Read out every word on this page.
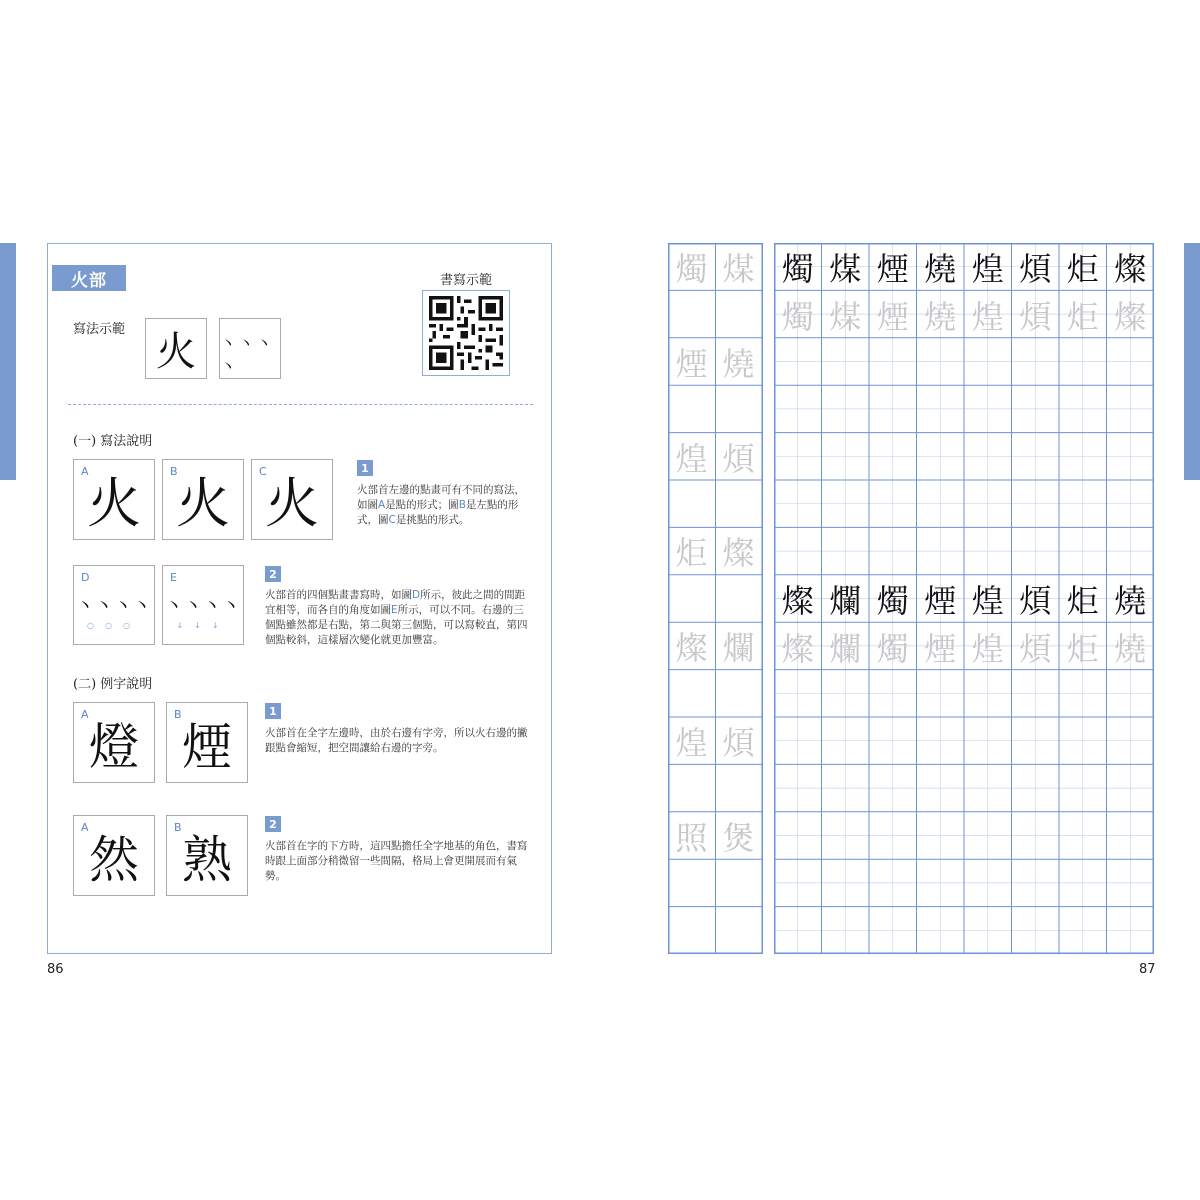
火部
寫法示範 火	丶丶丶丶
書寫示範
(一) 寫法說明
A
火
B
火
C
火
1
火部首左邊的點畫可有不同的寫法，如圖A是點的形式；圖B是左點的形式，圖C是挑點的形式。
D
丶丶丶丶
○○○
E
丶丶丶丶
↓↓↓
2
火部首的四個點畫書寫時，如圖D所示，彼此之間的間距宜相等，而各自的角度如圖E所示，可以不同。右邊的三個點雖然都是右點，第二與第三個點，可以寫較直，第四個點較斜，這樣層次變化就更加豐富。
(二) 例字說明
A
燈
B
煙
1
火部首在全字左邊時，由於右邊有字旁，所以火右邊的撇跟點會縮短，把空間讓給右邊的字旁。
A
然
B
熟
2
火部首在字的下方時，這四點擔任全字地基的角色，書寫時跟上面部分稍微留一些間隔，格局上會更開展而有氣勢。
86
燭 煤
煙 燒
煌 煩
炬 燦
燦 爛
煌 煩
照 煲
燭 煤 煙 燒 煌 煩 炬 燦
燭 煤 煙 燒 煌 煩 炬 燦
燦 爛 燭 煙 煌 煩 炬 燒
燦 爛 燭 煙 煌 煩 炬 燒
87
